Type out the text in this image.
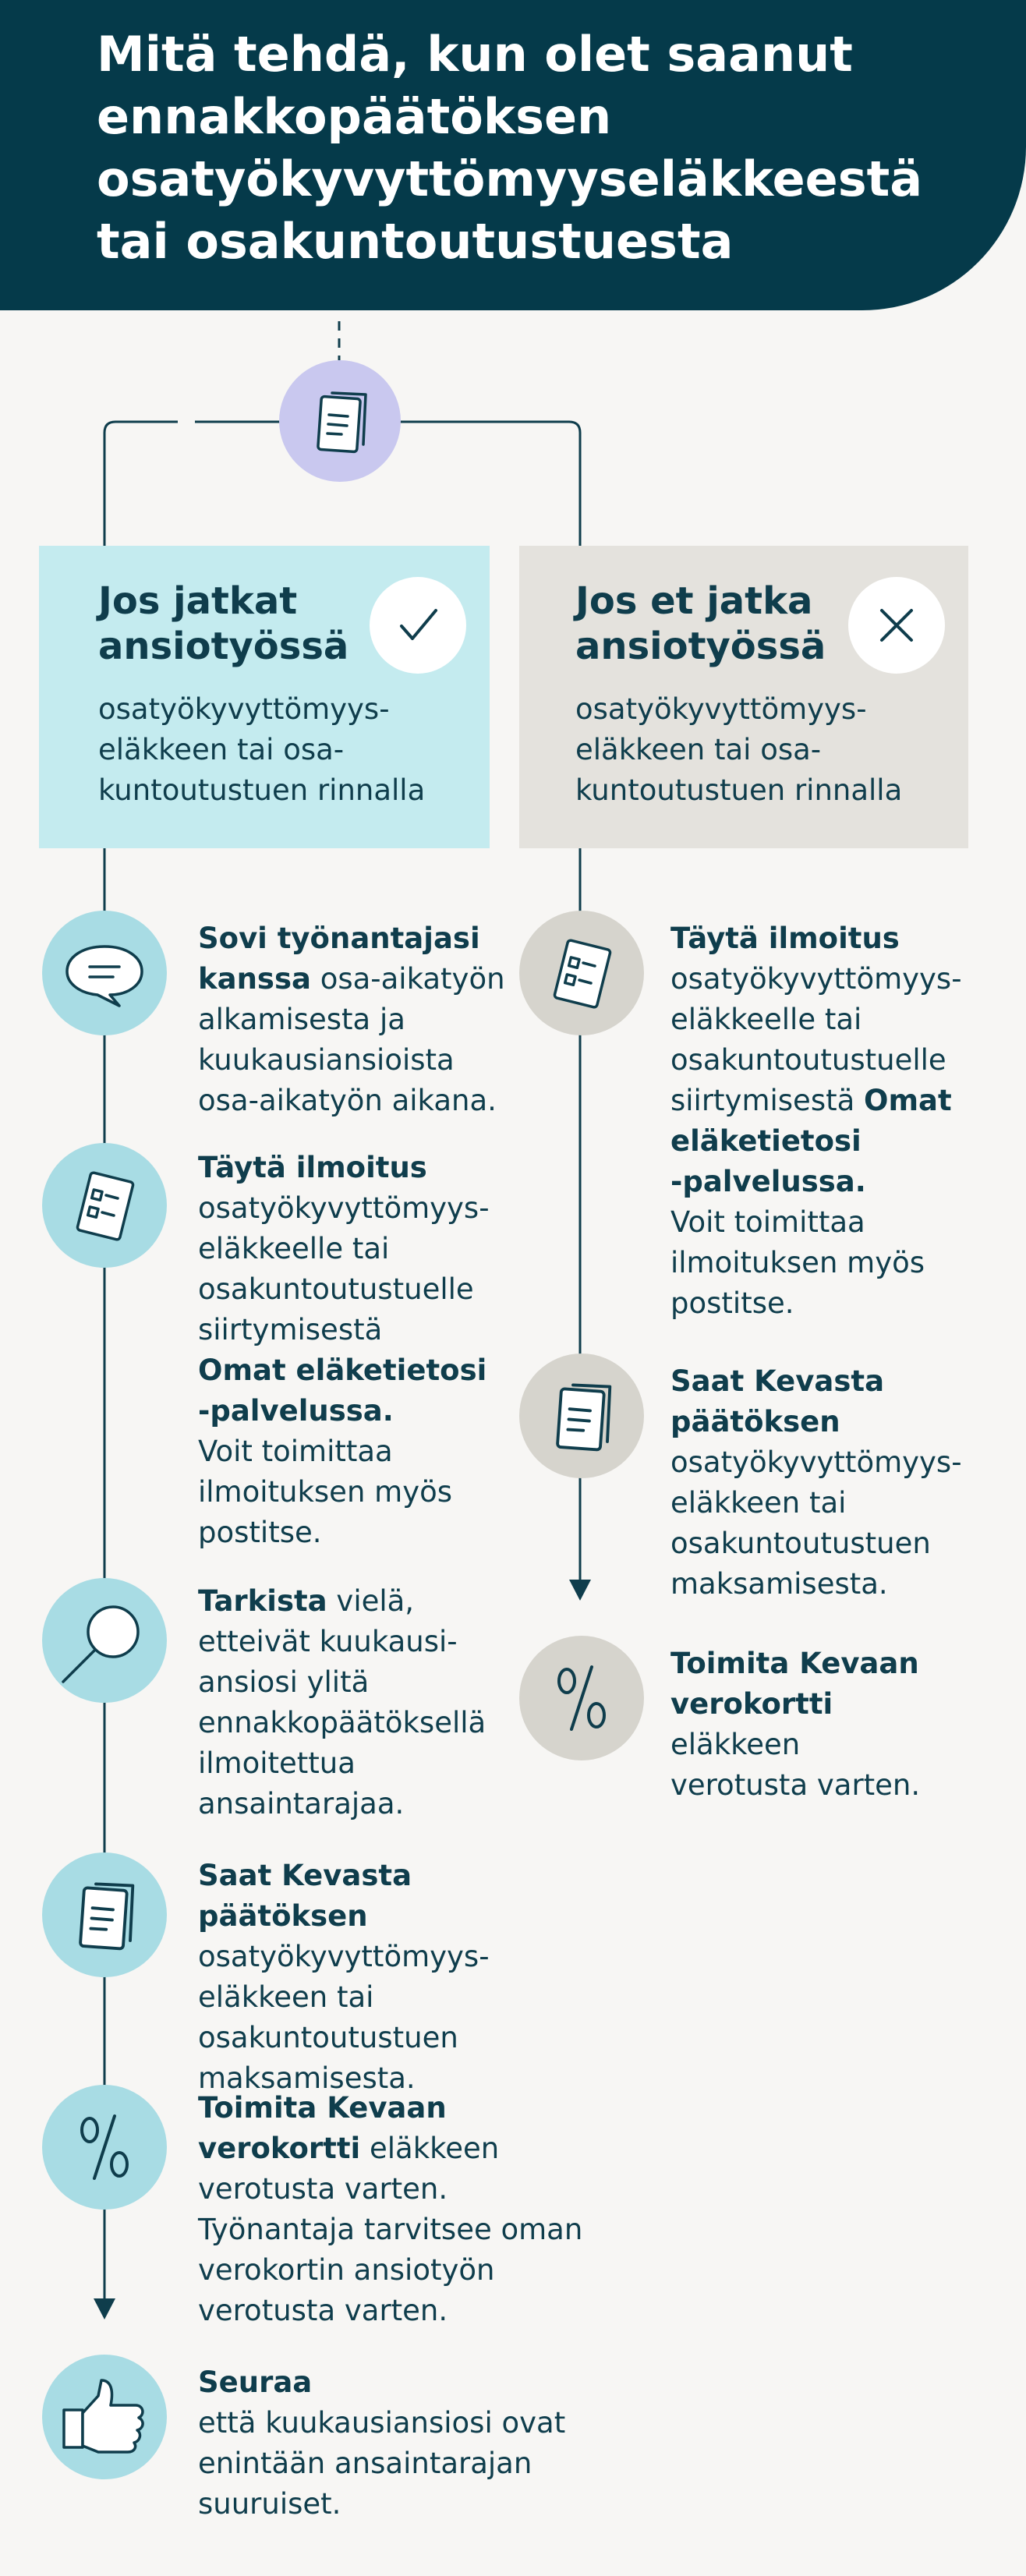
Mitä tehdä, kun olet saanut ennakkopäätöksen osatyökyvyttömyyseläkkeestä tai osakuntoutustuesta
Jos jatkat
ansiotyössä
osatyökyvyttömyys-
eläkkeen tai osa-
kuntoutustuen rinnalla
Jos et jatka
ansiotyössä
osatyökyvyttömyys-
eläkkeen tai osa-
kuntoutustuen rinnalla
Sovi työnantajasi
kanssa osa-aikatyön
alkamisesta ja
kuukausiansioista
osa-aikatyön aikana.
Täytä ilmoitus
osatyökyvyttömyys-
eläkkeelle tai
osakuntoutustuelle
siirtymisestä
Omat eläketietosi
-palvelussa.
Voit toimittaa
ilmoituksen myös
postitse.
Tarkista vielä,
etteivät kuukausi-
ansiosi ylitä
ennakkopäätöksellä
ilmoitettua
ansaintarajaa.
Saat Kevasta päätöksen
osatyökyvyttömyys-
eläkkeen tai
osakuntoutustuen
maksamisesta.
Toimita Kevaan
verokortti eläkkeen
verotusta varten.
Työnantaja tarvitsee oman
verokortin ansiotyön
verotusta varten.
Seuraa
että kuukausiansiosi ovat
enintään ansaintarajan
suuruiset.
Täytä ilmoitus
osatyökyvyttömyys-
eläkkeelle tai
osakuntoutustuelle
siirtymisestä Omat
eläketietosi
-palvelussa.
Voit toimittaa
ilmoituksen myös
postitse.
Saat Kevasta
päätöksen
osatyökyvyttömyys-
eläkkeen tai
osakuntoutustuen
maksamisesta.
Toimita Kevaan
verokortti
eläkkeen
verotusta varten.
